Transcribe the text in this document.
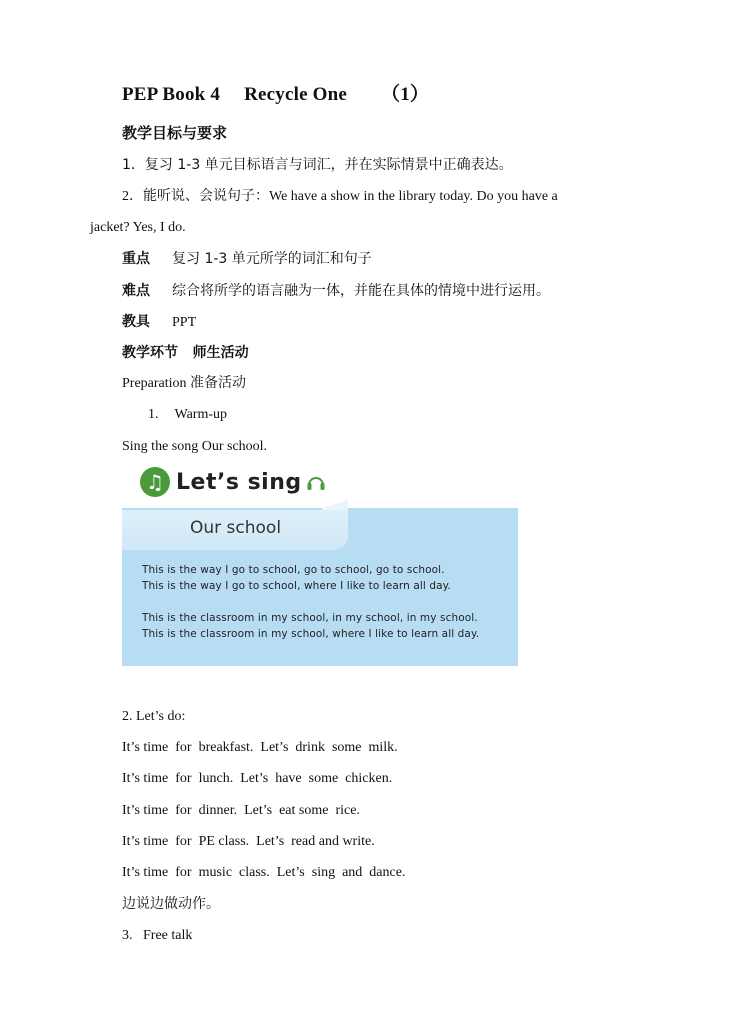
PEP Book 4 Recycle One （1）
教学目标与要求
1．复习 1-3 单元目标语言与词汇，并在实际情景中正确表达。
2．能听说、会说句子：We have a show in the library today. Do you have a
jacket? Yes, I do.
重点 复习 1-3 单元所学的词汇和句子
难点 综合将所学的语言融为一体，并能在具体的情境中进行运用。
教具 PPT
教学环节   师生活动
Preparation 准备活动
1. Warm-up
Sing the song Our school.
♫ Let’s sing
Our school
This is the way I go to school, go to school, go to school.
This is the way I go to school, where I like to learn all day.
This is the classroom in my school, in my school, in my school.
This is the classroom in my school, where I like to learn all day.
2. Let’s do:
It’s time  for  breakfast.  Let’s  drink  some  milk.
It’s time  for  lunch.  Let’s  have  some  chicken.
It’s time  for  dinner.  Let’s  eat some  rice.
It’s time  for  PE class.  Let’s  read and write.
It’s time  for  music  class.  Let’s  sing  and  dance.
边说边做动作。
3.   Free talk
